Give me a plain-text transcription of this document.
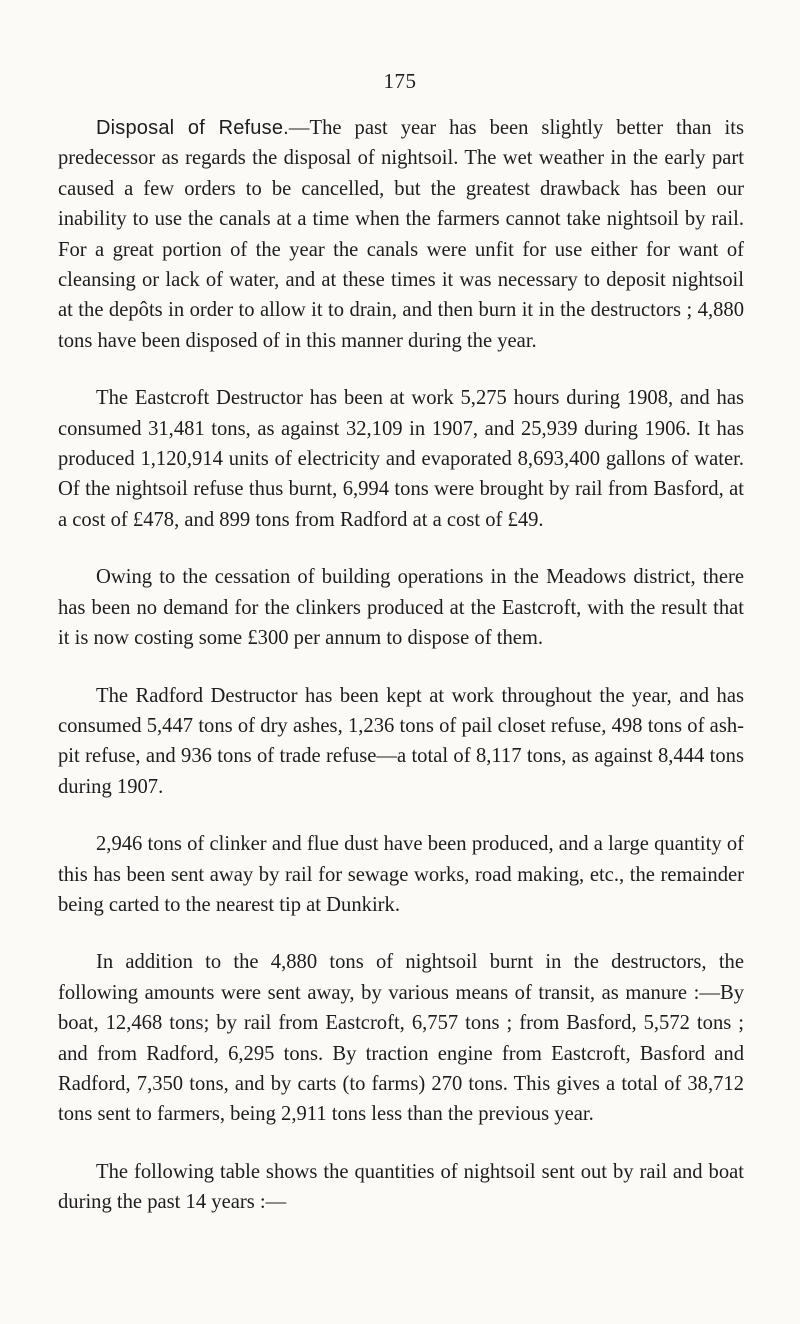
175

Disposal of Refuse.—The past year has been slightly better than its predecessor as regards the disposal of nightsoil. The wet weather in the early part caused a few orders to be cancelled, but the greatest drawback has been our inability to use the canals at a time when the farmers cannot take nightsoil by rail. For a great portion of the year the canals were unfit for use either for want of cleansing or lack of water, and at these times it was necessary to deposit nightsoil at the depôts in order to allow it to drain, and then burn it in the destructors ; 4,880 tons have been disposed of in this manner during the year.

The Eastcroft Destructor has been at work 5,275 hours during 1908, and has consumed 31,481 tons, as against 32,109 in 1907, and 25,939 during 1906. It has produced 1,120,914 units of electricity and evaporated 8,693,400 gallons of water. Of the nightsoil refuse thus burnt, 6,994 tons were brought by rail from Basford, at a cost of £478, and 899 tons from Radford at a cost of £49.

Owing to the cessation of building operations in the Meadows district, there has been no demand for the clinkers produced at the Eastcroft, with the result that it is now costing some £300 per annum to dispose of them.

The Radford Destructor has been kept at work throughout the year, and has consumed 5,447 tons of dry ashes, 1,236 tons of pail closet refuse, 498 tons of ash-pit refuse, and 936 tons of trade refuse—a total of 8,117 tons, as against 8,444 tons during 1907.

2,946 tons of clinker and flue dust have been produced, and a large quantity of this has been sent away by rail for sewage works, road making, etc., the remainder being carted to the nearest tip at Dunkirk.

In addition to the 4,880 tons of nightsoil burnt in the destructors, the following amounts were sent away, by various means of transit, as manure :—By boat, 12,468 tons; by rail from Eastcroft, 6,757 tons ; from Basford, 5,572 tons ; and from Radford, 6,295 tons. By traction engine from Eastcroft, Basford and Radford, 7,350 tons, and by carts (to farms) 270 tons. This gives a total of 38,712 tons sent to farmers, being 2,911 tons less than the previous year.

The following table shows the quantities of nightsoil sent out by rail and boat during the past 14 years :—
